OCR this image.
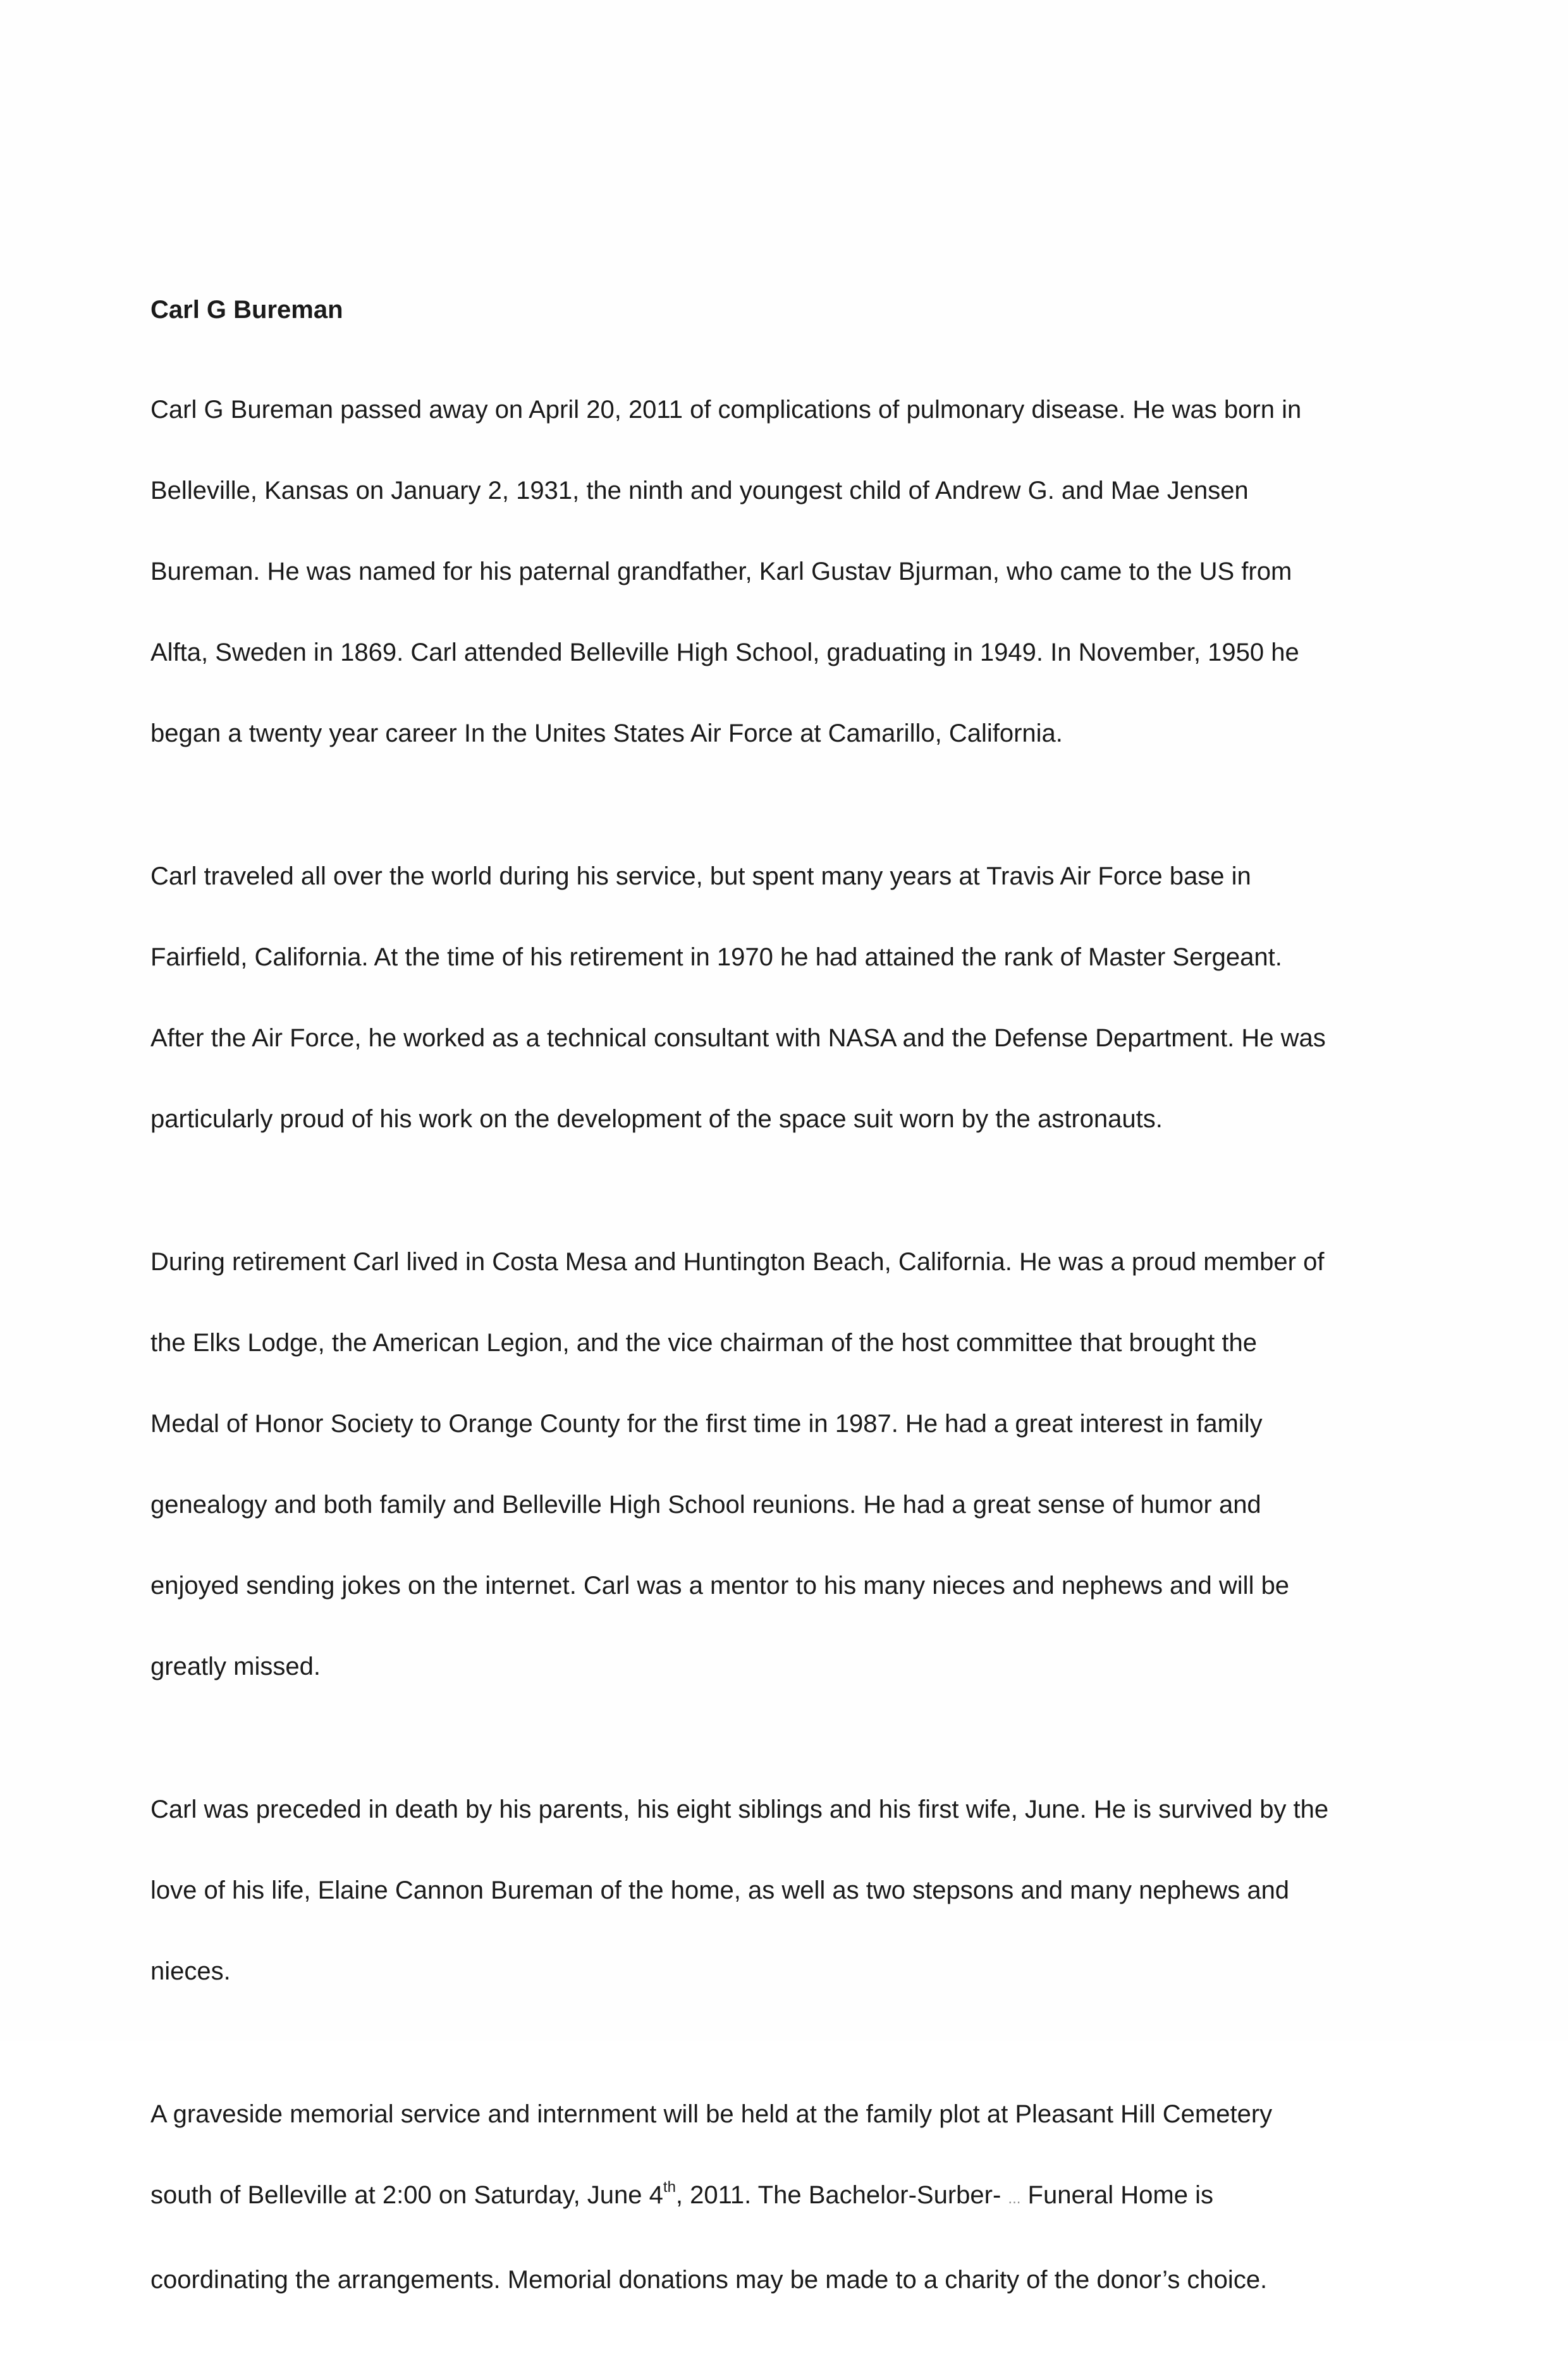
Carl G Bureman

Carl G Bureman passed away on April 20, 2011 of complications of pulmonary disease. He was born in

Belleville, Kansas on January 2, 1931, the ninth and youngest child of Andrew G. and Mae Jensen

Bureman. He was named for his paternal grandfather, Karl Gustav Bjurman, who came to the US from

Alfta, Sweden in 1869. Carl attended Belleville High School, graduating in 1949. In November, 1950 he

began a twenty year career In the Unites States Air Force at Camarillo, California.

Carl traveled all over the world during his service, but spent many years at Travis Air Force base in

Fairfield, California. At the time of his retirement in 1970 he had attained the rank of Master Sergeant.

After the Air Force, he worked as a technical consultant with NASA and the Defense Department. He was

particularly proud of his work on the development of the space suit worn by the astronauts.

During retirement Carl lived in Costa Mesa and Huntington Beach, California. He was a proud member of

the Elks Lodge, the American Legion, and the vice chairman of the host committee that brought the

Medal of Honor Society to Orange County for the first time in 1987. He had a great interest in family

genealogy and both family and Belleville High School reunions. He had a great sense of humor and

enjoyed sending jokes on the internet. Carl was a mentor to his many nieces and nephews and will be

greatly missed.

Carl was preceded in death by his parents, his eight siblings and his first wife, June. He is survived by the

love of his life, Elaine Cannon Bureman of the home, as well as two stepsons and many nephews and

nieces.

A graveside memorial service and internment will be held at the family plot at Pleasant Hill Cemetery

south of Belleville at 2:00 on Saturday, June 4th, 2011. The Bachelor-Surber- ... Funeral Home is

coordinating the arrangements. Memorial donations may be made to a charity of the donor’s choice.
